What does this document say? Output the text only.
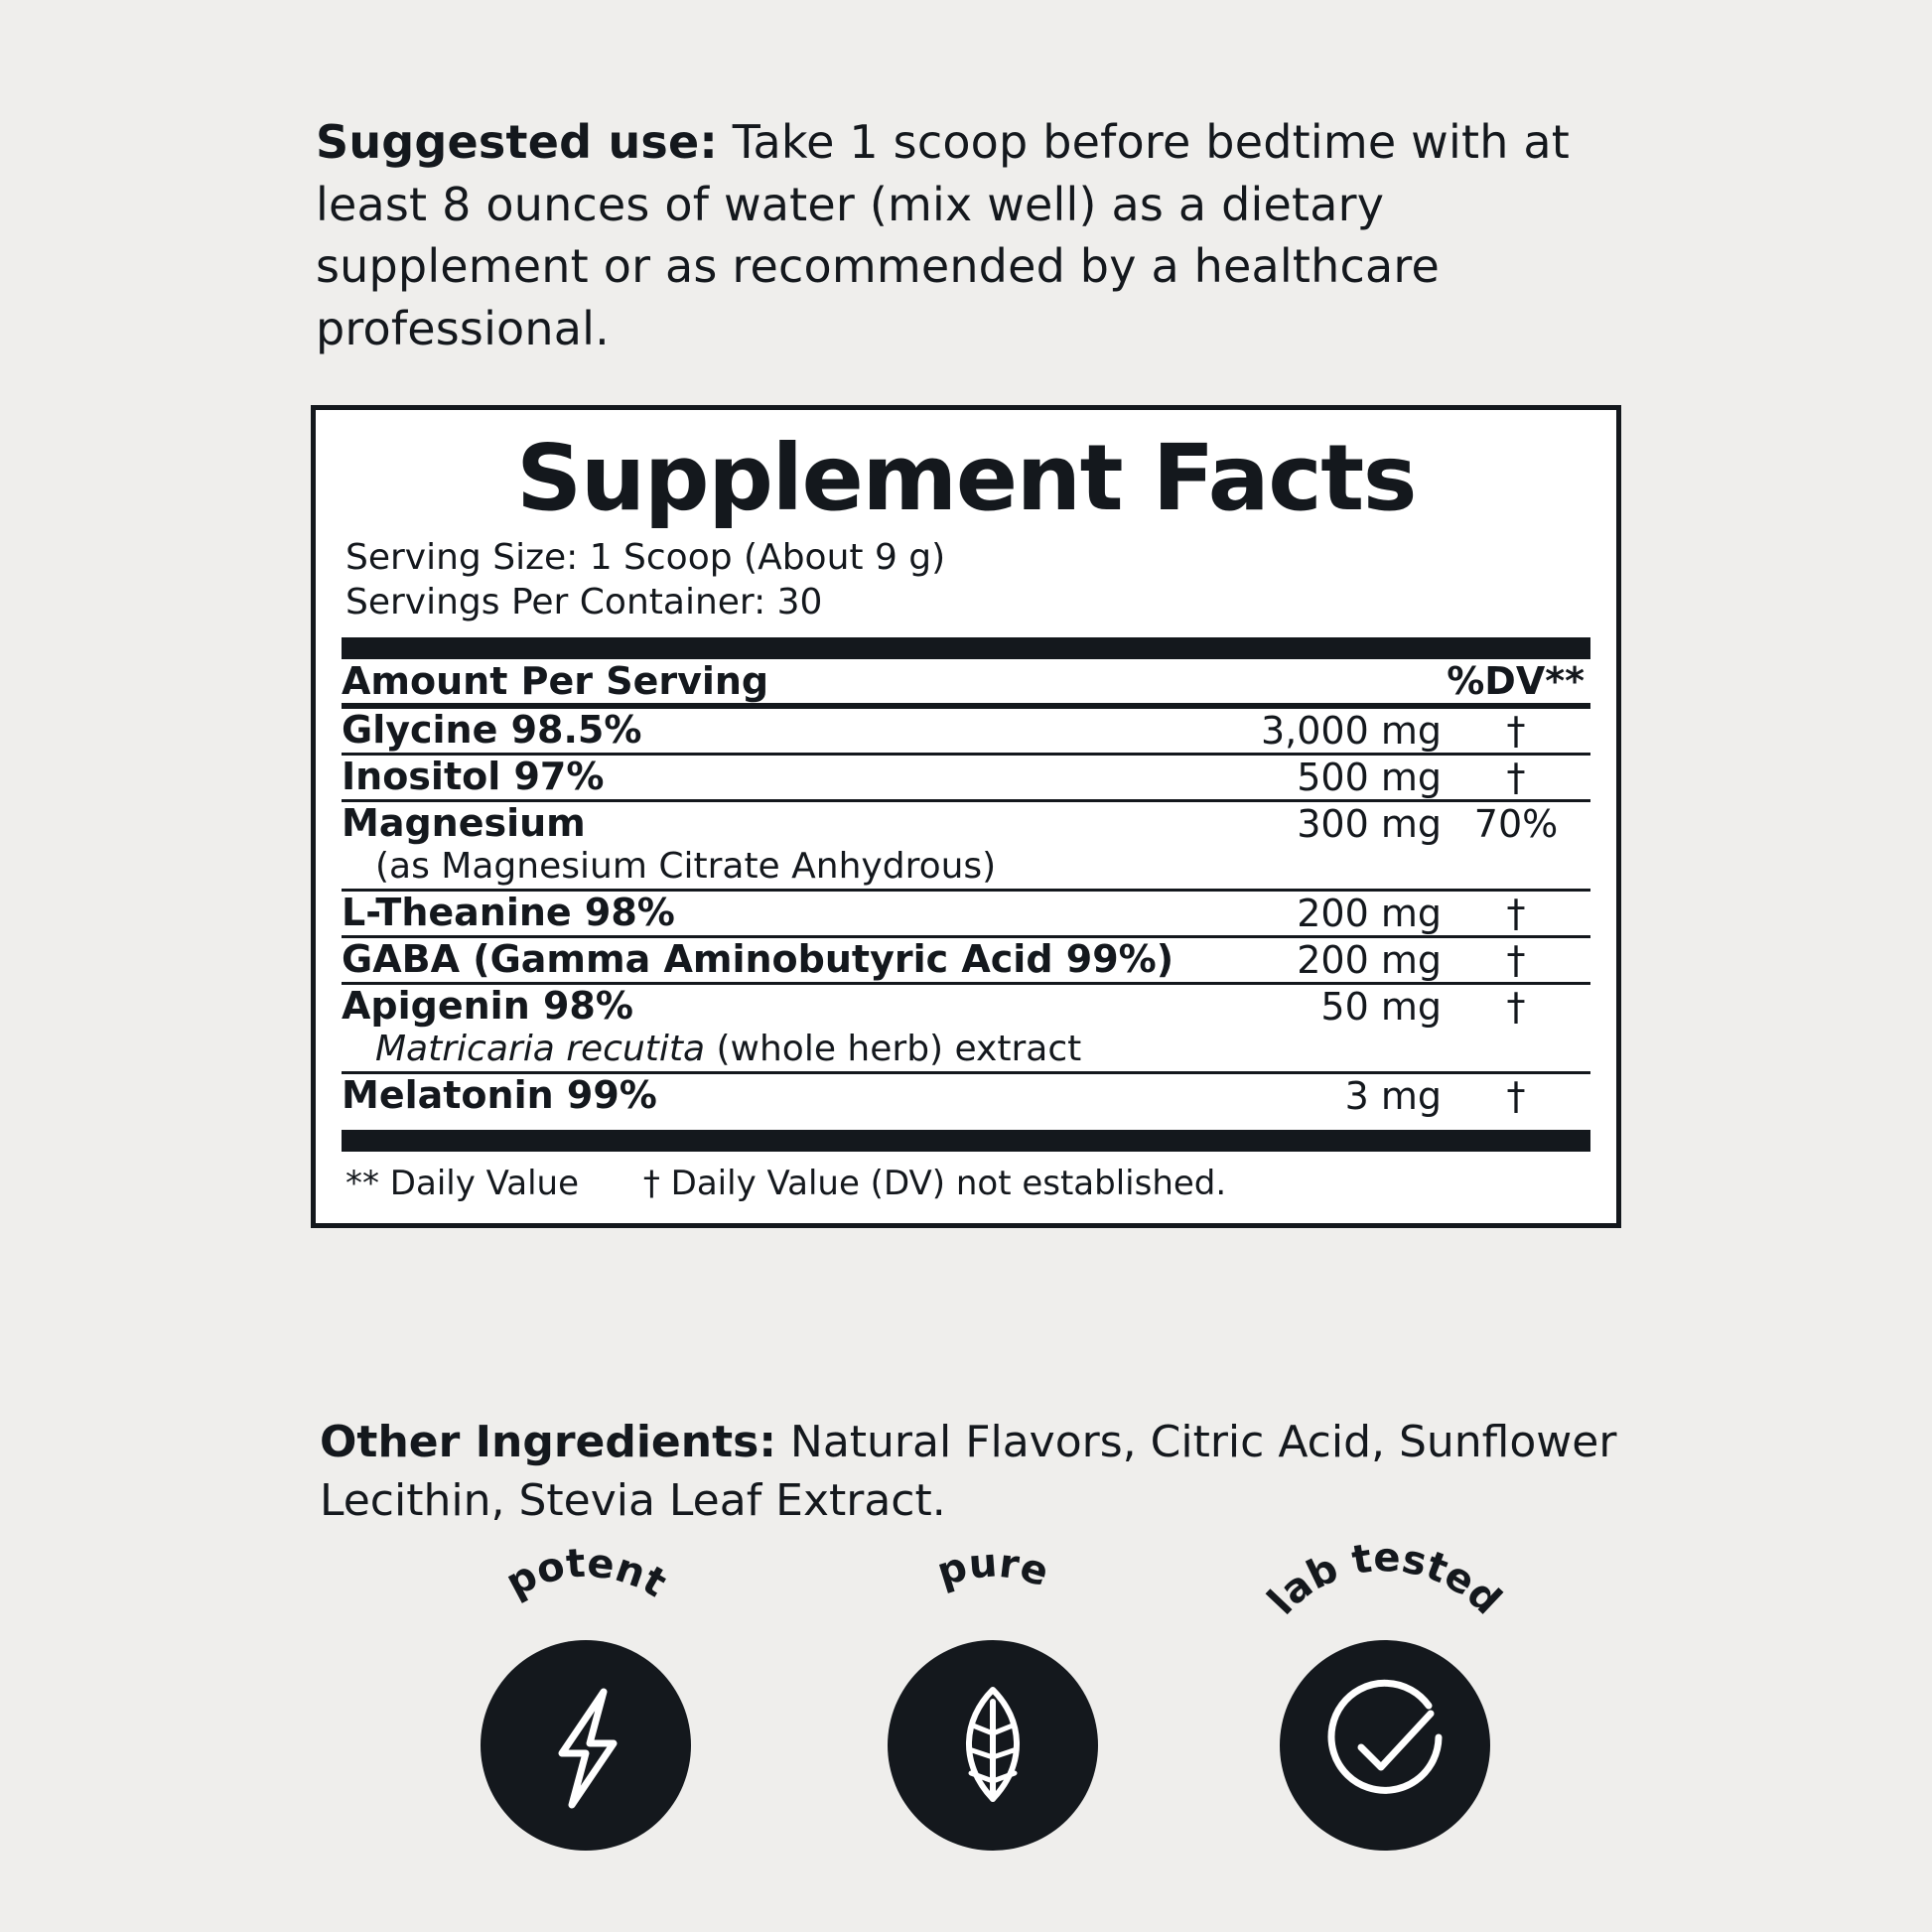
Suggested use: Take 1 scoop before bedtime with at least 8 ounces of water (mix well) as a dietary supplement or as recommended by a healthcare professional.
Supplement Facts
Serving Size: 1 Scoop (About 9 g)
Servings Per Container: 30
Amount Per Serving		%DV**

Glycine 98.5%	3,000 mg	†

Inositol 97%	500 mg	†

Magnesium
(as Magnesium Citrate Anhydrous)	300 mg	70%

L-Theanine 98%	200 mg	†

GABA (Gamma Aminobutyric Acid 99%)	200 mg	†

Apigenin 98%
Matricaria recutita (whole herb) extract	50 mg	†

Melatonin 99%	3 mg	†
** Daily Value      † Daily Value (DV) not established.
Other Ingredients: Natural Flavors, Citric Acid, Sunflower Lecithin, Stevia Leaf Extract.
potent	pure
lab tested
